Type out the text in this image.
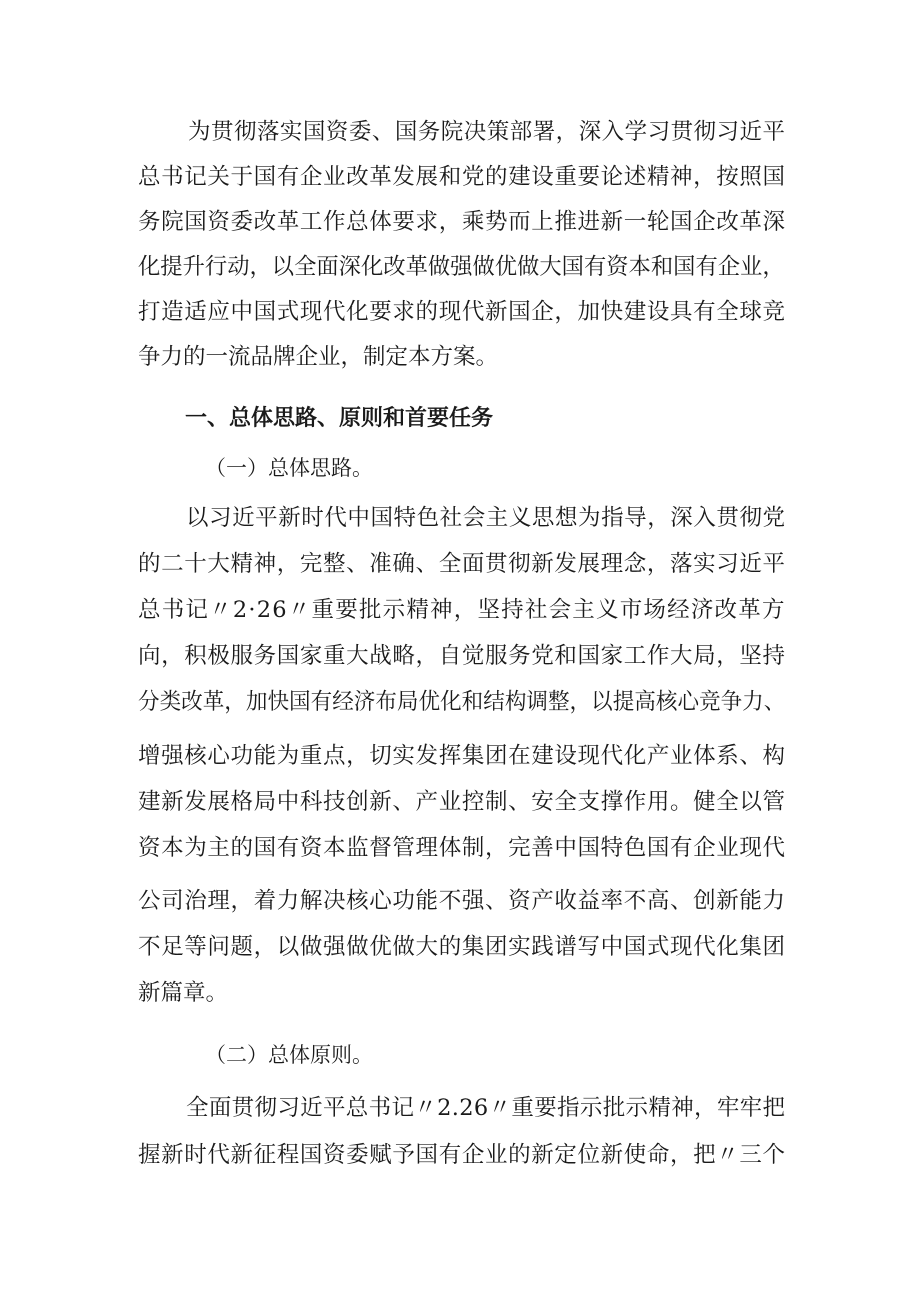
为贯彻落实国资委、国务院决策部署，深入学习贯彻习近平
总书记关于国有企业改革发展和党的建设重要论述精神，按照国
务院国资委改革工作总体要求，乘势而上推进新一轮国企改革深
化提升行动，以全面深化改革做强做优做大国有资本和国有企业，
打造适应中国式现代化要求的现代新国企，加快建设具有全球竞
争力的一流品牌企业，制定本方案。
一、总体思路、原则和首要任务
（一）总体思路。
以习近平新时代中国特色社会主义思想为指导，深入贯彻党
的二十大精神，完整、准确、全面贯彻新发展理念，落实习近平
总书记〃2·26〃重要批示精神，坚持社会主义市场经济改革方
向，积极服务国家重大战略，自觉服务党和国家工作大局，坚持
分类改革，加快国有经济布局优化和结构调整，以提高核心竞争力、
增强核心功能为重点，切实发挥集团在建设现代化产业体系、构
建新发展格局中科技创新、产业控制、安全支撑作用。健全以管
资本为主的国有资本监督管理体制，完善中国特色国有企业现代
公司治理，着力解决核心功能不强、资产收益率不高、创新能力
不足等问题，以做强做优做大的集团实践谱写中国式现代化集团
新篇章。
（二）总体原则。
全面贯彻习近平总书记〃2.26〃重要指示批示精神，牢牢把
握新时代新征程国资委赋予国有企业的新定位新使命，把〃三个
